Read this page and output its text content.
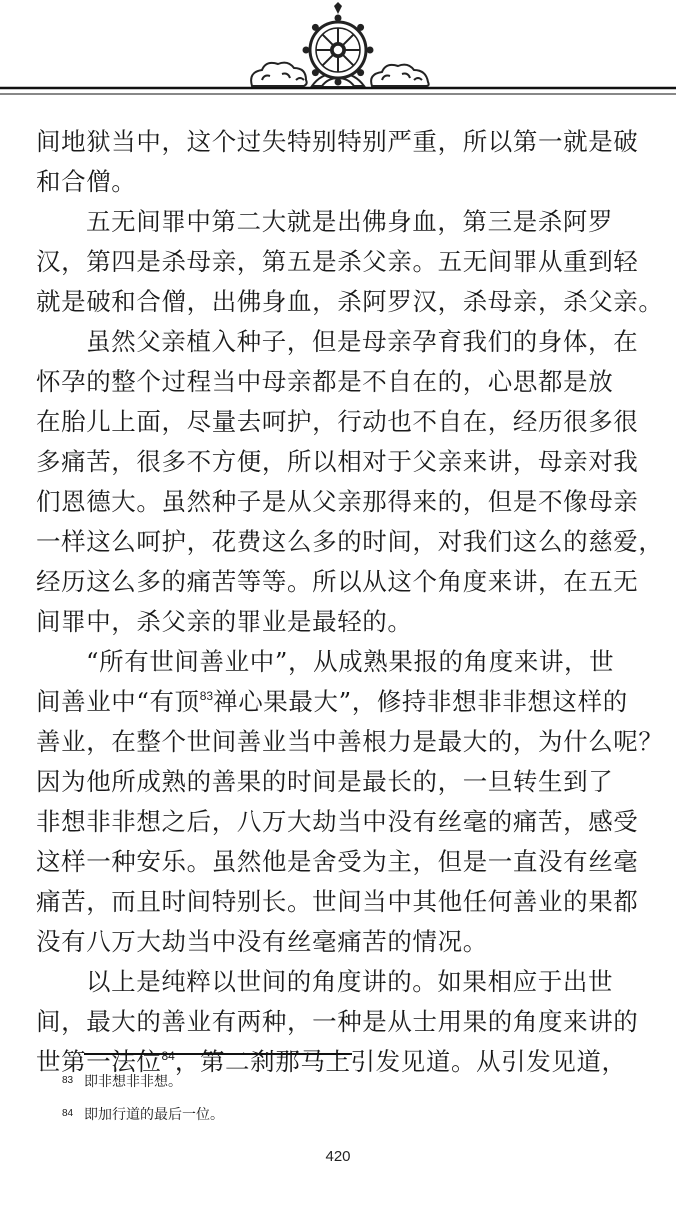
间地狱当中，这个过失特别特别严重，所以第一就是破
和合僧。
五无间罪中第二大就是出佛身血，第三是杀阿罗
汉，第四是杀母亲，第五是杀父亲。五无间罪从重到轻
就是破和合僧，出佛身血，杀阿罗汉，杀母亲，杀父亲。
虽然父亲植入种子，但是母亲孕育我们的身体，在
怀孕的整个过程当中母亲都是不自在的，心思都是放
在胎儿上面，尽量去呵护，行动也不自在，经历很多很
多痛苦，很多不方便，所以相对于父亲来讲，母亲对我
们恩德大。虽然种子是从父亲那得来的，但是不像母亲
一样这么呵护，花费这么多的时间，对我们这么的慈爱，
经历这么多的痛苦等等。所以从这个角度来讲，在五无
间罪中，杀父亲的罪业是最轻的。
“所有世间善业中”，从成熟果报的角度来讲，世
间善业中“有顶$^{83}$禅心果最大”，修持非想非非想这样的
善业，在整个世间善业当中善根力是最大的，为什么呢？
因为他所成熟的善果的时间是最长的，一旦转生到了
非想非非想之后，八万大劫当中没有丝毫的痛苦，感受
这样一种安乐。虽然他是舍受为主，但是一直没有丝毫
痛苦，而且时间特别长。世间当中其他任何善业的果都
没有八万大劫当中没有丝毫痛苦的情况。
以上是纯粹以世间的角度讲的。如果相应于出世
间，最大的善业有两种，一种是从士用果的角度来讲的
世第一法位$^{84}$，第二刹那马上引发见道。从引发见道，
83 即非想非非想。
84 即加行道的最后一位。
420
